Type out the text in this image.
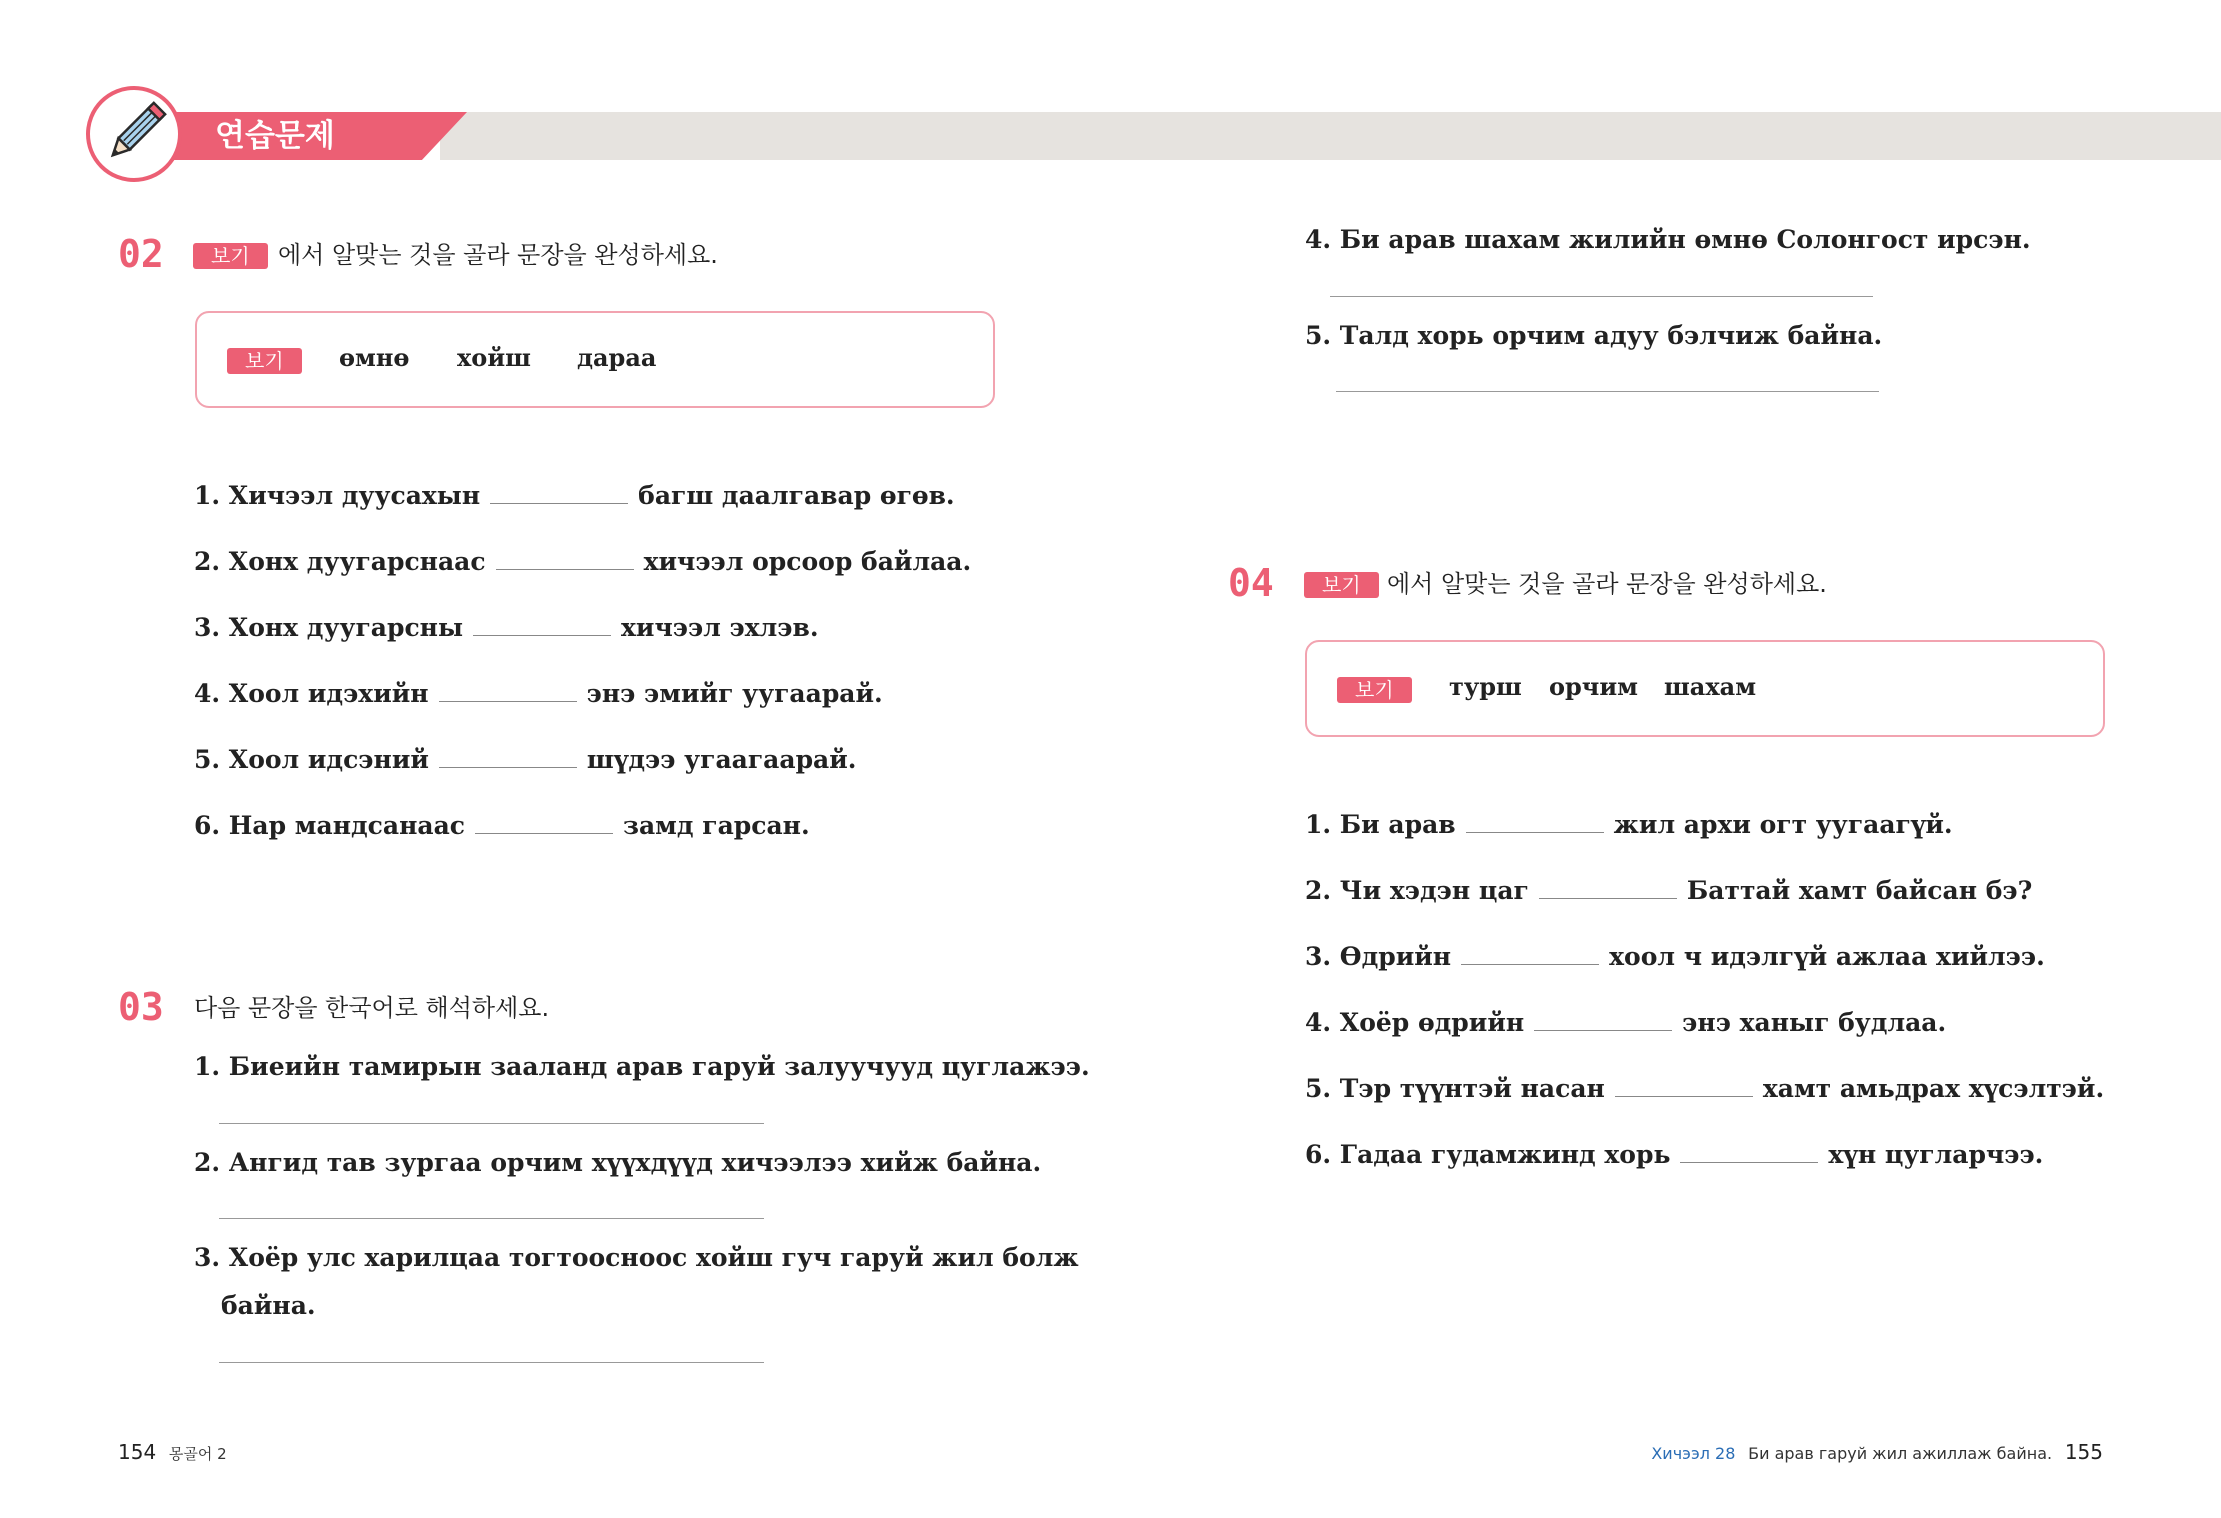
연습문제
02	보기	에서 알맞는 것을 골라 문장을 완성하세요.
보기	өмнө хойш дараа
1. Хичээл дуусахын	багш даалгавар өгөв.
2. Хонх дуугарснаас	хичээл орсоор байлаа.
3. Хонх дуугарсны	хичээл эхлэв.
4. Хоол идэхийн	энэ эмийг уугаарай.
5. Хоол идсэний	шүдээ угаагаарай.
6. Нар мандсанаас	замд гарсан.
03 다음 문장을 한국어로 해석하세요.
1. Биеийн тамирын зааланд арав гаруй залуучууд цуглажээ.
2. Ангид тав зургаа орчим хүүхдүүд хичээлээ хийж байна.
3. Хоёр улс харилцаа тогтоосноос хойш гуч гаруй жил болж
байна.
154 몽골어 2
4. Би арав шахам жилийн өмнө Солонгост ирсэн.
5. Талд хорь орчим адуу бэлчиж байна.
04	보기	에서 알맞는 것을 골라 문장을 완성하세요.
보기	турш орчим шахам
1. Би арав	жил архи огт уугаагүй.
2. Чи хэдэн цаг	Баттай хамт байсан бэ?
3. Өдрийн	хоол ч идэлгүй ажлаа хийлээ.
4. Хоёр өдрийн	энэ ханыг будлаа.
5. Тэр түүнтэй насан	хамт амьдрах хүсэлтэй.
6. Гадаа гудамжинд хорь	хүн цугларчээ.
Хичээл 28 Би арав гаруй жил ажиллаж байна. 155
